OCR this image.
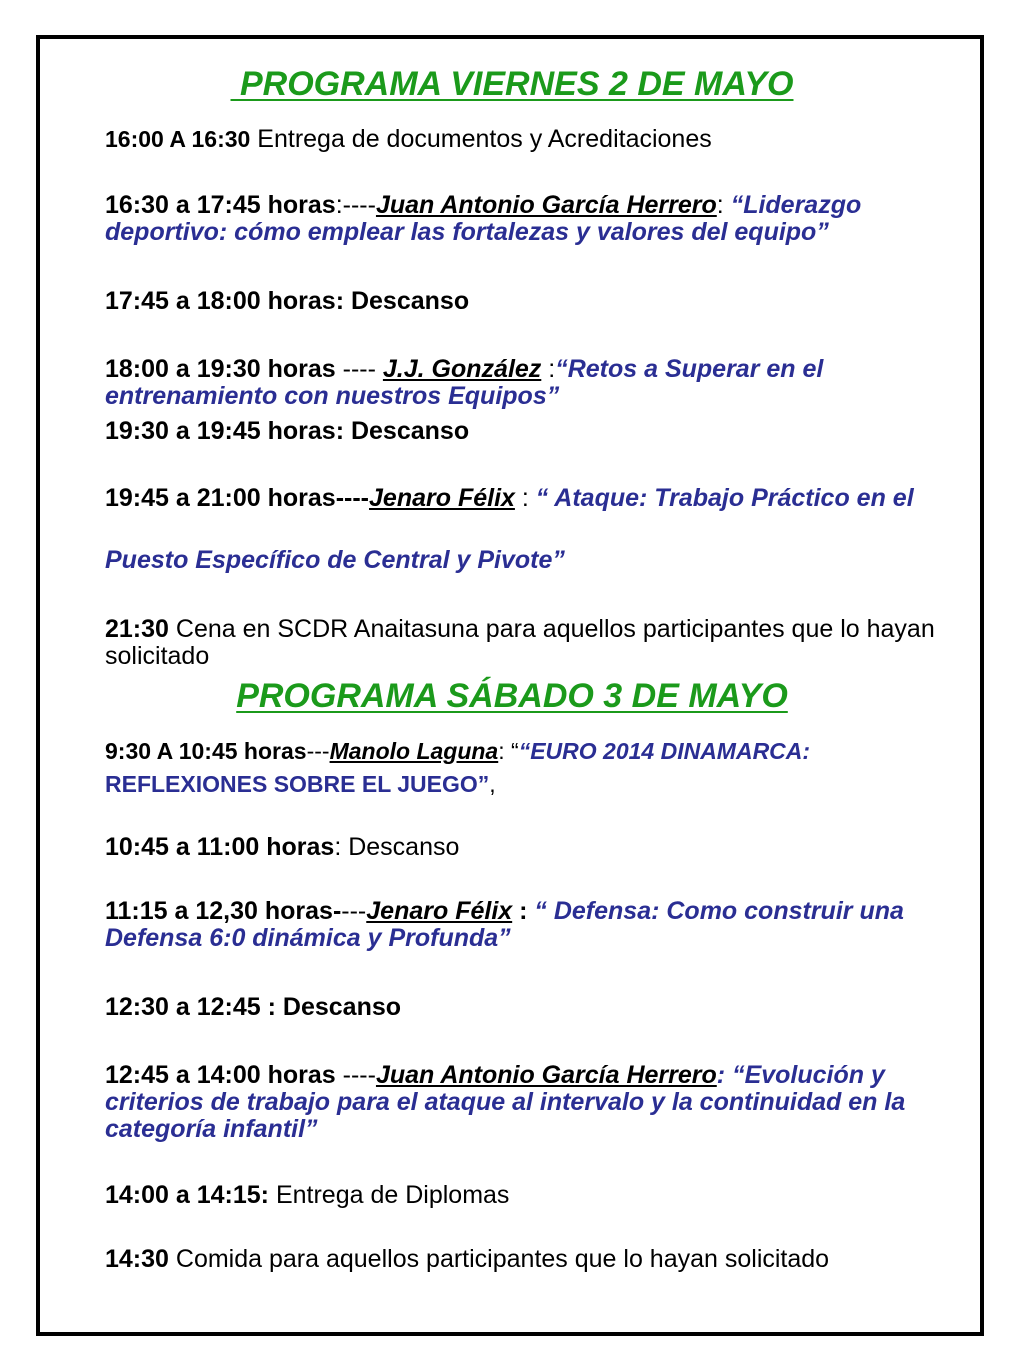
PROGRAMA VIERNES 2 DE MAYO

16:00 A 16:30 Entrega de documentos y Acreditaciones

16:30 a 17:45 horas:----Juan Antonio García Herrero: “Liderazgo deportivo: cómo emplear las fortalezas y valores del equipo”

17:45 a 18:00 horas: Descanso

18:00 a 19:30 horas ---- J.J. González :“Retos a Superar en el entrenamiento con nuestros Equipos”

19:30 a 19:45 horas: Descanso

19:45 a 21:00 horas----Jenaro Félix : “ Ataque: Trabajo Práctico en el

Puesto Específico de Central y Pivote”

21:30 Cena en SCDR Anaitasuna para aquellos participantes que lo hayan solicitado

PROGRAMA SÁBADO 3 DE MAYO

9:30 A 10:45 horas---Manolo Laguna: ““EURO 2014 DINAMARCA:

REFLEXIONES SOBRE EL JUEGO”,

10:45 a 11:00 horas: Descanso

11:15 a 12,30 horas----Jenaro Félix : “ Defensa: Como construir una Defensa 6:0 dinámica y Profunda”

12:30 a 12:45 : Descanso

12:45 a 14:00 horas ----Juan Antonio García Herrero: “Evolución y criterios de trabajo para el ataque al intervalo y la continuidad en la categoría infantil”

14:00 a 14:15: Entrega de Diplomas

14:30 Comida para aquellos participantes que lo hayan solicitado
